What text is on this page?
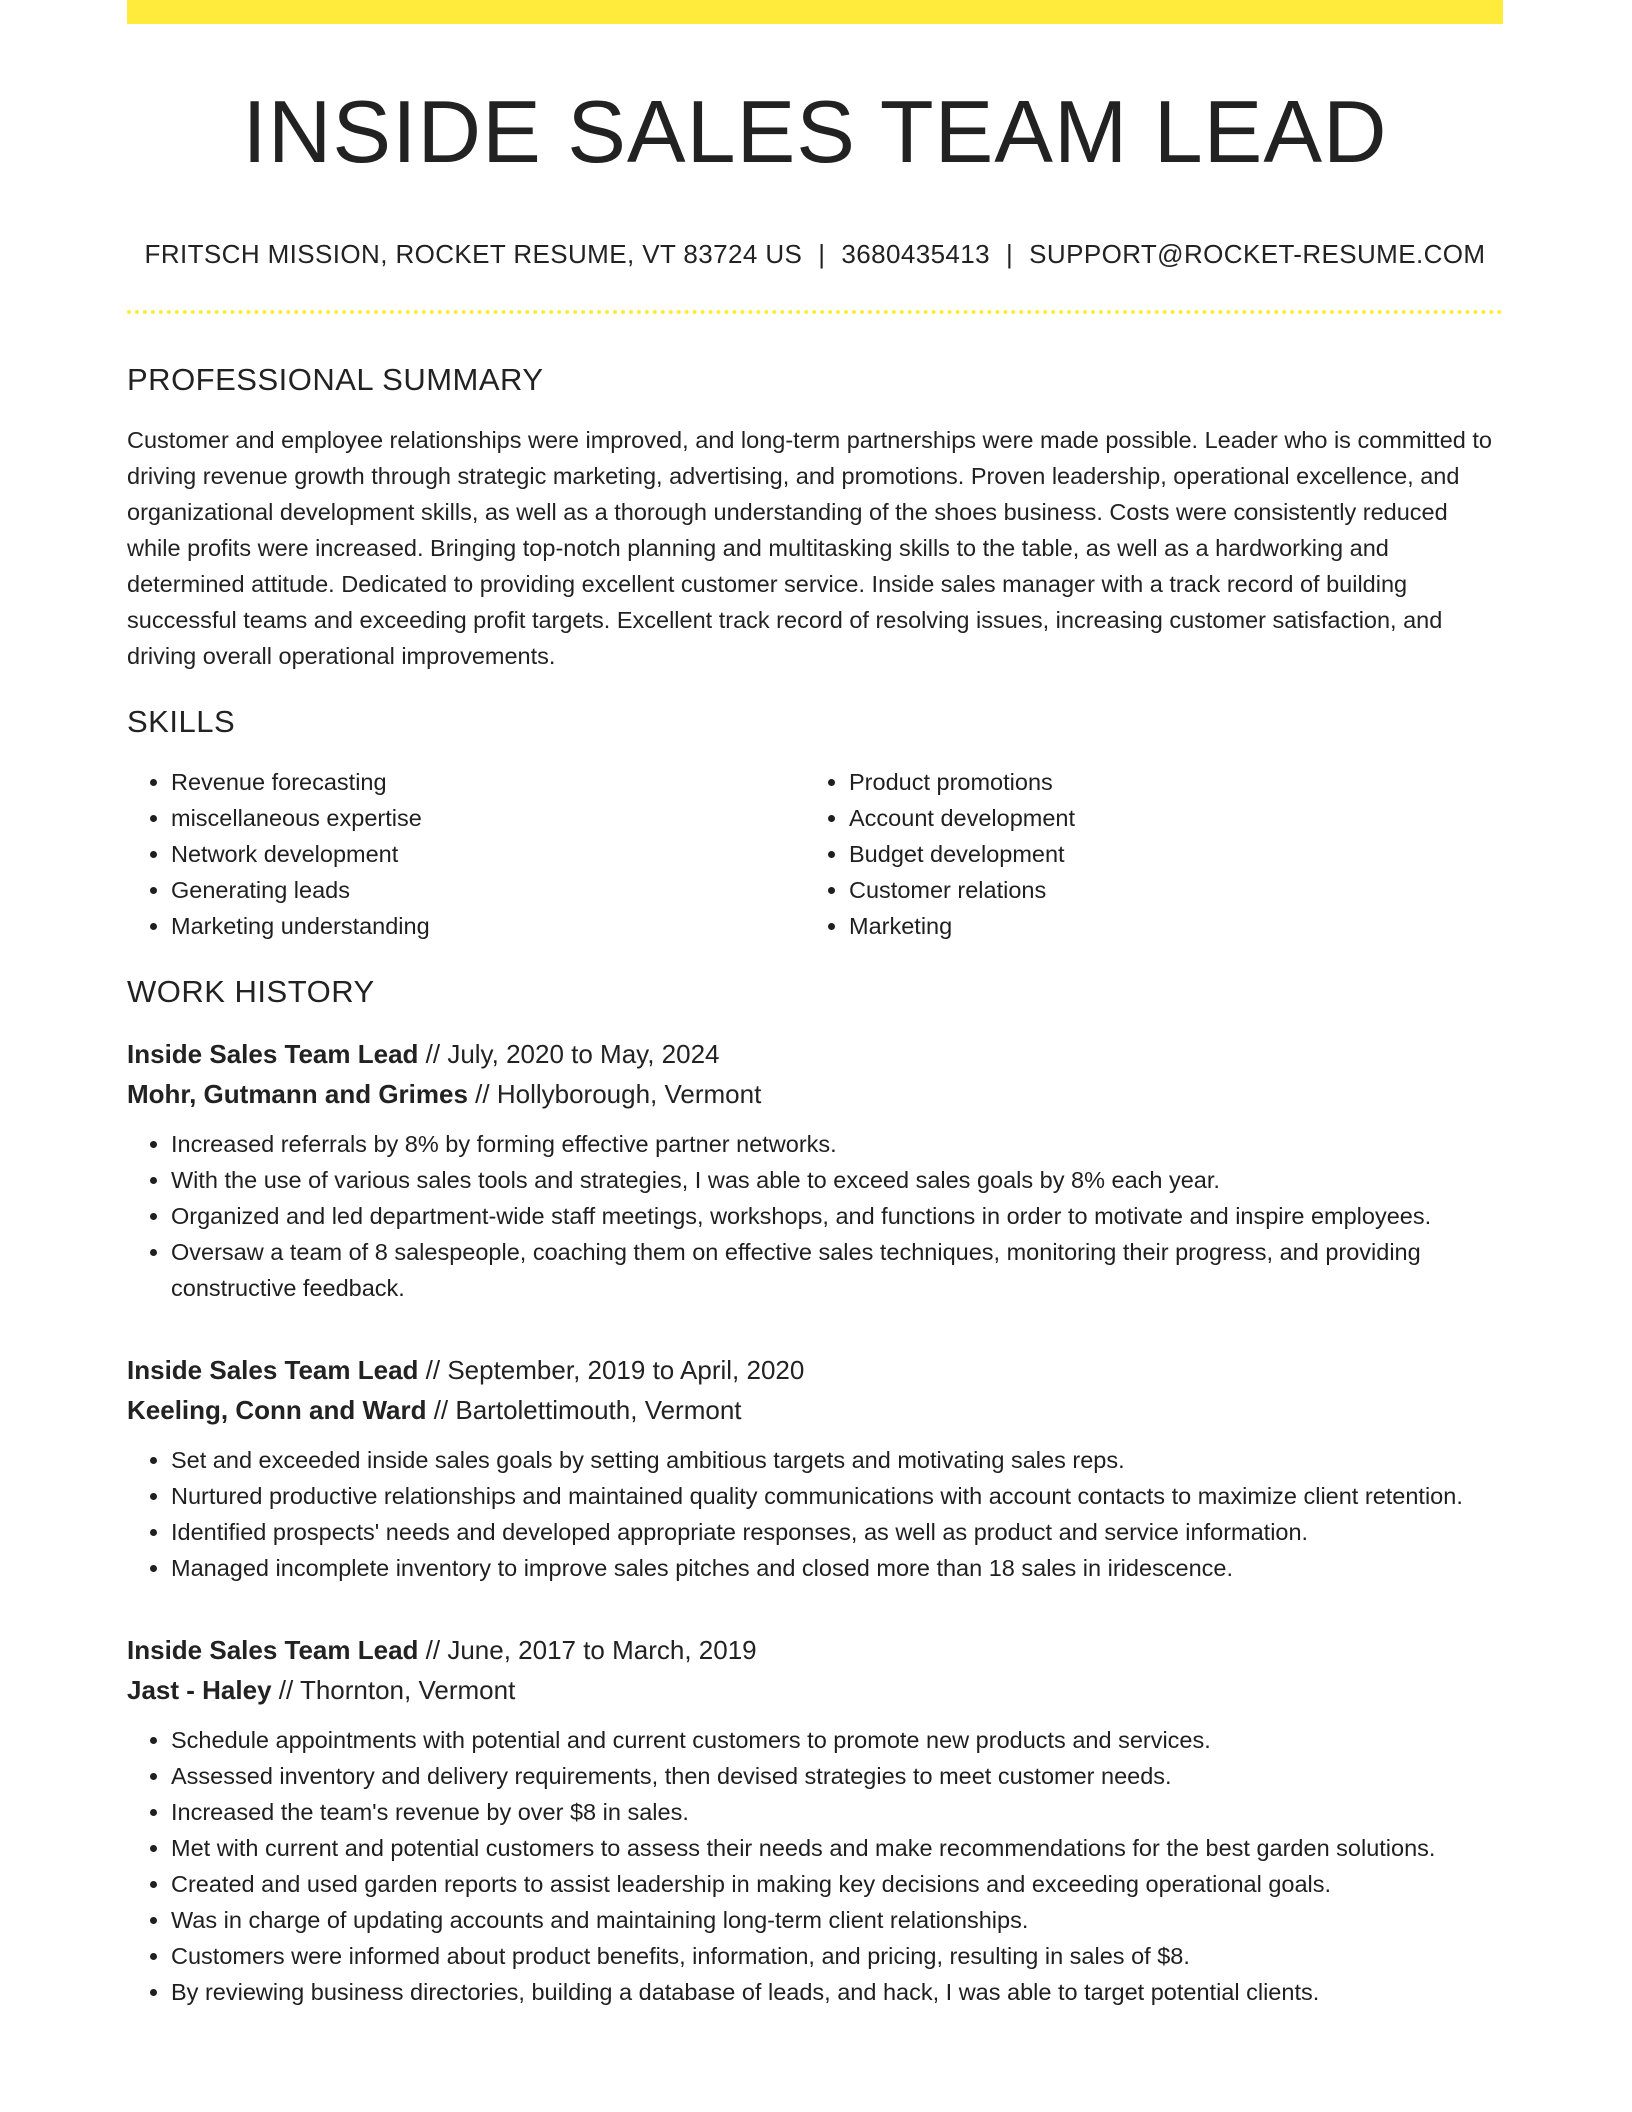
INSIDE SALES TEAM LEAD
FRITSCH MISSION, ROCKET RESUME, VT 83724 US | 3680435413 | SUPPORT@ROCKET-RESUME.COM
PROFESSIONAL SUMMARY
Customer and employee relationships were improved, and long-term partnerships were made possible. Leader who is committed to driving revenue growth through strategic marketing, advertising, and promotions. Proven leadership, operational excellence, and organizational development skills, as well as a thorough understanding of the shoes business. Costs were consistently reduced while profits were increased. Bringing top-notch planning and multitasking skills to the table, as well as a hardworking and determined attitude. Dedicated to providing excellent customer service. Inside sales manager with a track record of building successful teams and exceeding profit targets. Excellent track record of resolving issues, increasing customer satisfaction, and driving overall operational improvements.
SKILLS
• Revenue forecasting
• miscellaneous expertise
• Network development
• Generating leads
• Marketing understanding
• Product promotions
• Account development
• Budget development
• Customer relations
• Marketing
WORK HISTORY
Inside Sales Team Lead // July, 2020 to May, 2024
Mohr, Gutmann and Grimes // Hollyborough, Vermont
• Increased referrals by 8% by forming effective partner networks.
• With the use of various sales tools and strategies, I was able to exceed sales goals by 8% each year.
• Organized and led department-wide staff meetings, workshops, and functions in order to motivate and inspire employees.
• Oversaw a team of 8 salespeople, coaching them on effective sales techniques, monitoring their progress, and providing constructive feedback.
Inside Sales Team Lead // September, 2019 to April, 2020
Keeling, Conn and Ward // Bartolettimouth, Vermont
• Set and exceeded inside sales goals by setting ambitious targets and motivating sales reps.
• Nurtured productive relationships and maintained quality communications with account contacts to maximize client retention.
• Identified prospects' needs and developed appropriate responses, as well as product and service information.
• Managed incomplete inventory to improve sales pitches and closed more than 18 sales in iridescence.
Inside Sales Team Lead // June, 2017 to March, 2019
Jast - Haley // Thornton, Vermont
• Schedule appointments with potential and current customers to promote new products and services.
• Assessed inventory and delivery requirements, then devised strategies to meet customer needs.
• Increased the team's revenue by over $8 in sales.
• Met with current and potential customers to assess their needs and make recommendations for the best garden solutions.
• Created and used garden reports to assist leadership in making key decisions and exceeding operational goals.
• Was in charge of updating accounts and maintaining long-term client relationships.
• Customers were informed about product benefits, information, and pricing, resulting in sales of $8.
• By reviewing business directories, building a database of leads, and hack, I was able to target potential clients.
